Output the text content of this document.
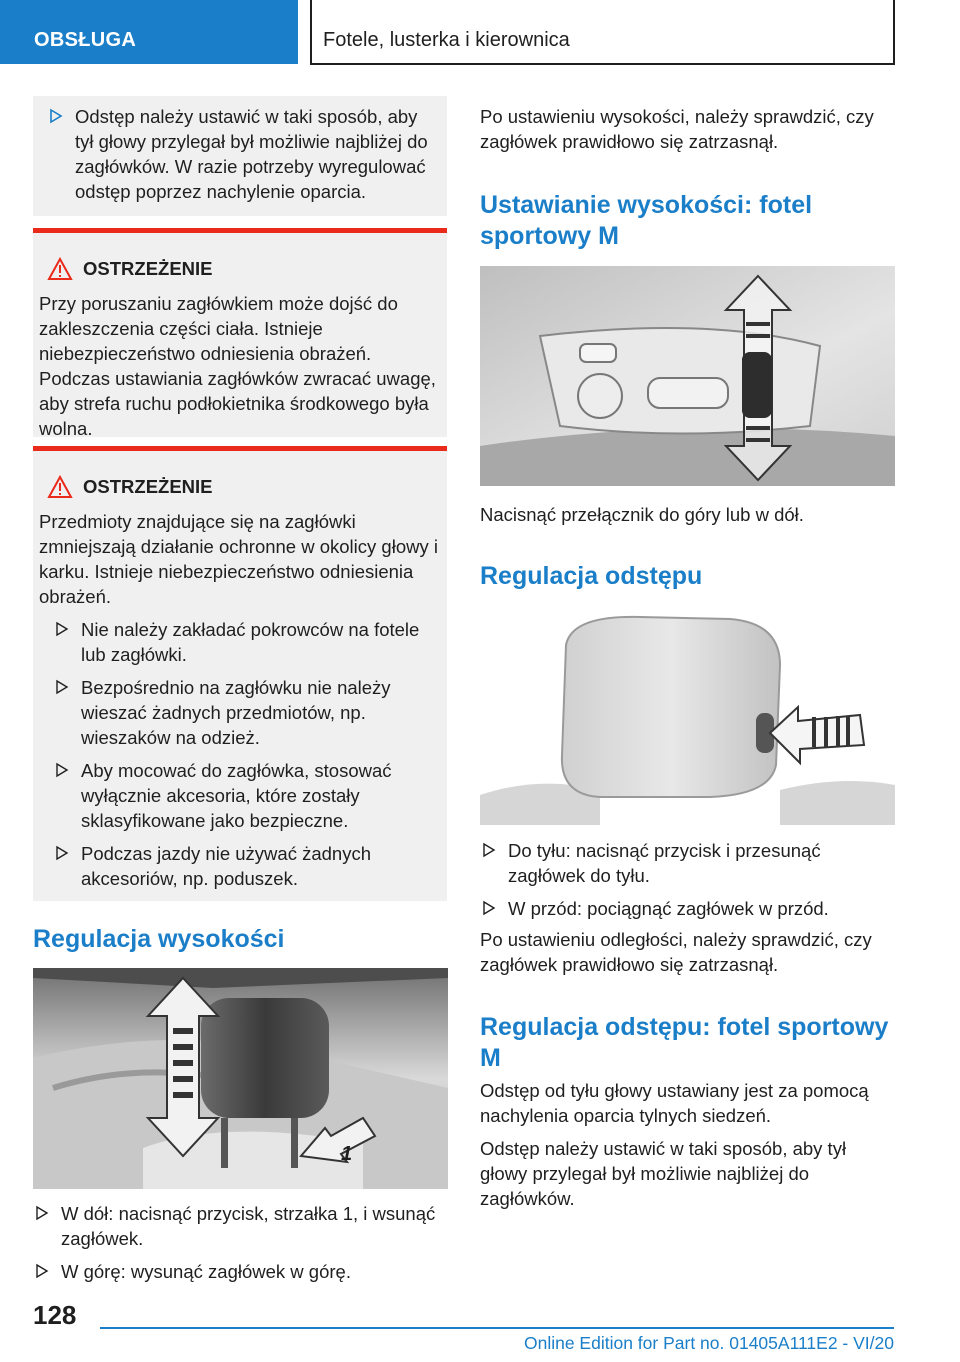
OBSŁUGA	Fotele, lusterka i kierownica
Odstęp należy ustawić w taki sposób, aby tył głowy przylegał był możliwie najbliżej do zagłówków. W razie potrzeby wyregulować odstęp poprzez nachylenie oparcia.
OSTRZEŻENIE

Przy poruszaniu zagłówkiem może dojść do zakleszczenia części ciała. Istnieje niebezpieczeństwo odniesienia obrażeń. Podczas ustawiania zagłówków zwracać uwagę, aby strefa ruchu podłokietnika środkowego była wolna.

OSTRZEŻENIE

Przedmioty znajdujące się na zagłówki zmniejszają działanie ochronne w okolicy głowy i karku. Istnieje niebezpieczeństwo odniesienia obrażeń.

Nie należy zakładać pokrowców na fotele lub zagłówki.
Bezpośrednio na zagłówku nie należy wieszać żadnych przedmiotów, np. wieszaków na odzież.
Aby mocować do zagłówka, stosować wyłącznie akcesoria, które zostały sklasyfikowane jako bezpieczne.
Podczas jazdy nie używać żadnych akcesoriów, np. poduszek.
Regulacja wysokości
1
W dół: nacisnąć przycisk, strzałka 1, i wsunąć zagłówek.
W górę: wysunąć zagłówek w górę.

Po ustawieniu wysokości, należy sprawdzić, czy zagłówek prawidłowo się zatrzasnął.

Ustawianie wysokości: fotel sportowy M

Nacisnąć przełącznik do góry lub w dół.

Regulacja odstępu
Do tyłu: nacisnąć przycisk i przesunąć zagłówek do tyłu.
W przód: pociągnąć zagłówek w przód.

Po ustawieniu odległości, należy sprawdzić, czy zagłówek prawidłowo się zatrzasnął.

Regulacja odstępu: fotel sportowy M

Odstęp od tyłu głowy ustawiany jest za pomocą nachylenia oparcia tylnych siedzeń.

Odstęp należy ustawić w taki sposób, aby tył głowy przylegał był możliwie najbliżej do zagłówków.

128
Online Edition for Part no. 01405A111E2 - VI/20
